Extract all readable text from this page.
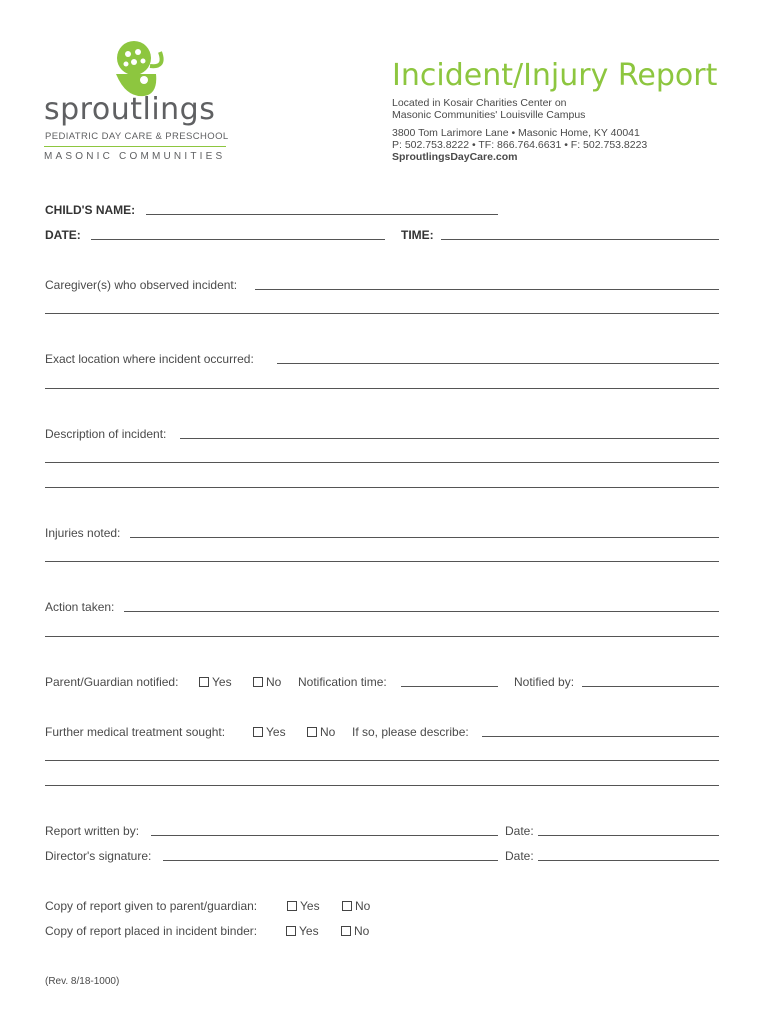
sproutlings
PEDIATRIC DAY CARE & PRESCHOOL
MASONIC COMMUNITIES
Incident/Injury Report
Located in Kosair Charities Center on
Masonic Communities' Louisville Campus
3800 Tom Larimore Lane • Masonic Home, KY 40041
P: 502.753.8222 • TF: 866.764.6631 • F: 502.753.8223
SproutlingsDayCare.com
CHILD'S NAME:
DATE:	TIME:
Caregiver(s) who observed incident:
Exact location where incident occurred:
Description of incident:
Injuries noted:
Action taken:
Parent/Guardian notified:	Yes	No Notification time:	Notified by:
Further medical treatment sought:	Yes	No If so, please describe:
Report written by:	Date:
Director's signature:	Date:
Copy of report given to parent/guardian:	Yes	No
Copy of report placed in incident binder:	Yes	No
(Rev. 8/18-1000)
